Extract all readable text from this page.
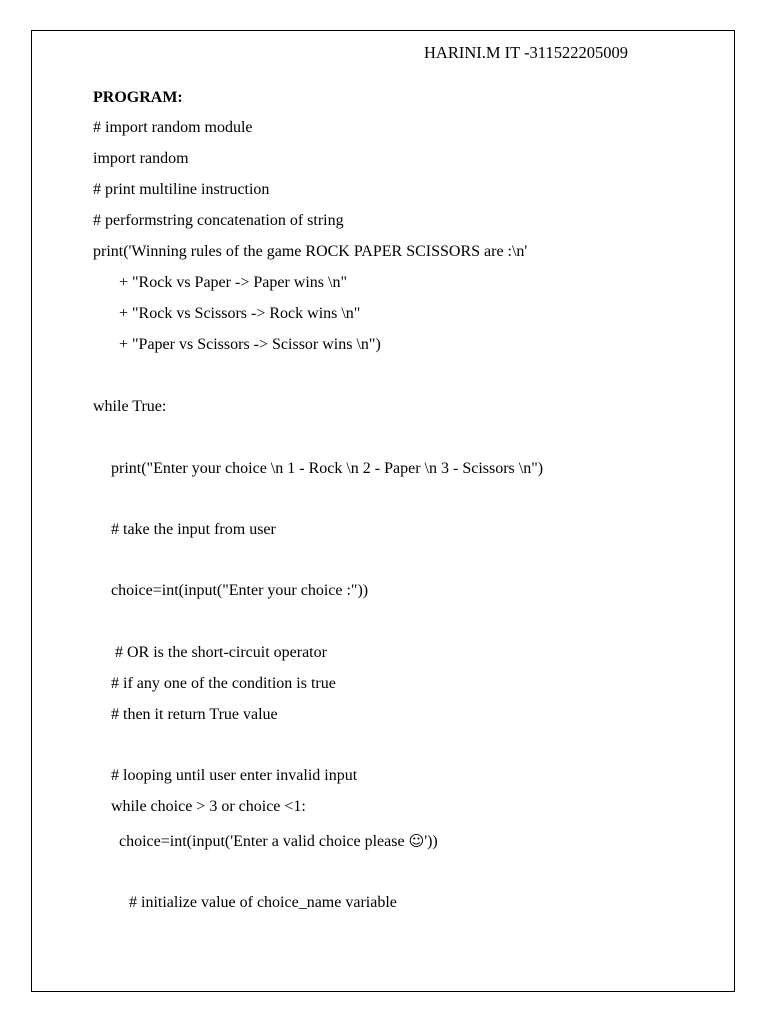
HARINI.M IT -311522205009
PROGRAM:
# import random module
import random
# print multiline instruction
# performstring concatenation of string
print('Winning rules of the game ROCK PAPER SCISSORS are :\n'
+ "Rock vs Paper -> Paper wins \n"
+ "Rock vs Scissors -> Rock wins \n"
+ "Paper vs Scissors -> Scissor wins \n")
while True:
print("Enter your choice \n 1 - Rock \n 2 - Paper \n 3 - Scissors \n")
# take the input from user
choice=int(input("Enter your choice :"))
# OR is the short-circuit operator
# if any one of the condition is true
# then it return True value
# looping until user enter invalid input
while choice > 3 or choice <1:
choice=int(input('Enter a valid choice please ☺'))
# initialize value of choice_name variable
